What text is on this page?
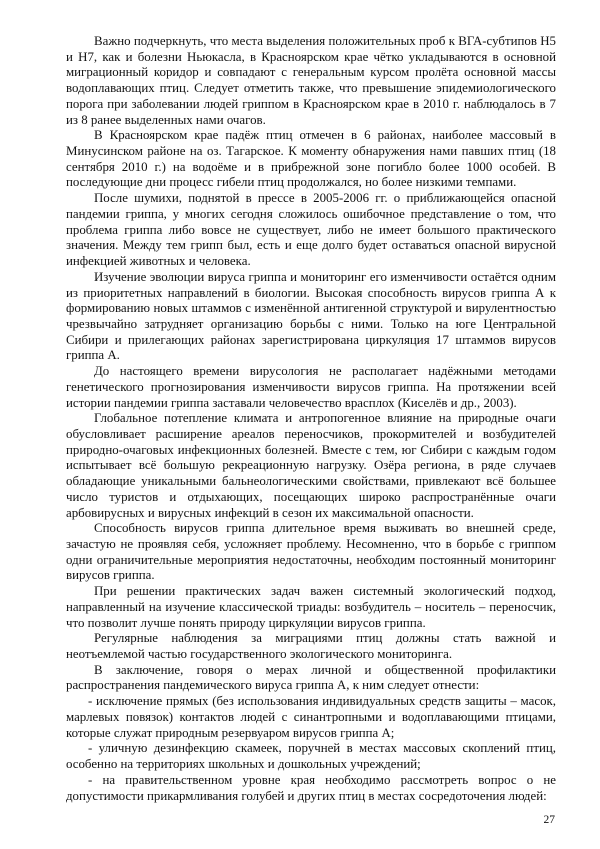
Важно подчеркнуть, что места выделения положительных проб к ВГА-субтипов Н5 и Н7, как и болезни Ньюкасла, в Красноярском крае чётко укладываются в основной миграционный коридор и совпадают с генеральным курсом пролёта основной массы водоплавающих птиц. Следует отметить также, что превышение эпидемиологического порога при заболевании людей гриппом в Красноярском крае в 2010 г. наблюдалось в 7 из 8 ранее выделенных нами очагов.

В Красноярском крае падёж птиц отмечен в 6 районах, наиболее массовый в Минусинском районе на оз. Тагарское. К моменту обнаружения нами павших птиц (18 сентября 2010 г.) на водоёме и в прибрежной зоне погибло более 1000 особей. В последующие дни процесс гибели птиц продолжался, но более низкими темпами.

После шумихи, поднятой в прессе в 2005-2006 гг. о приближающейся опасной пандемии гриппа, у многих сегодня сложилось ошибочное представление о том, что проблема гриппа либо вовсе не существует, либо не имеет большого практического значения. Между тем грипп был, есть и еще долго будет оставаться опасной вирусной инфекцией животных и человека.

Изучение эволюции вируса гриппа и мониторинг его изменчивости остаётся одним из приоритетных направлений в биологии. Высокая способность вирусов гриппа А к формированию новых штаммов с изменённой антигенной структурой и вирулентностью чрезвычайно затрудняет организацию борьбы с ними. Только на юге Центральной Сибири и прилегающих районах зарегистрирована циркуляция 17 штаммов вирусов гриппа А.

До настоящего времени вирусология не располагает надёжными методами генетического прогнозирования изменчивости вирусов гриппа. На протяжении всей истории пандемии гриппа заставали человечество врасплох (Киселёв и др., 2003).

Глобальное потепление климата и антропогенное влияние на природные очаги обусловливает расширение ареалов переносчиков, прокормителей и возбудителей природно-очаговых инфекционных болезней. Вместе с тем, юг Сибири с каждым годом испытывает всё большую рекреационную нагрузку. Озёра региона, в ряде случаев обладающие уникальными бальнеологическими свойствами, привлекают всё большее число туристов и отдыхающих, посещающих широко распространённые очаги арбовирусных и вирусных инфекций в сезон их максимальной опасности.

Способность вирусов гриппа длительное время выживать во внешней среде, зачастую не проявляя себя, усложняет проблему. Несомненно, что в борьбе с гриппом одни ограничительные мероприятия недостаточны, необходим постоянный мониторинг вирусов гриппа.

При решении практических задач важен системный экологический подход, направленный на изучение классической триады: возбудитель – носитель – переносчик, что позволит лучше понять природу циркуляции вирусов гриппа.

Регулярные наблюдения за миграциями птиц должны стать важной и неотъемлемой частью государственного экологического мониторинга.

В заключение, говоря о мерах личной и общественной профилактики распространения пандемического вируса гриппа А, к ним следует отнести:

- исключение прямых (без использования индивидуальных средств защиты – масок, марлевых повязок) контактов людей с синантропными и водоплавающими птицами, которые служат природным резервуаром вирусов гриппа А;

- уличную дезинфекцию скамеек, поручней в местах массовых скоплений птиц, особенно на территориях школьных и дошкольных учреждений;

- на правительственном уровне края необходимо рассмотреть вопрос о не допустимости прикармливания голубей и других птиц в местах сосредоточения людей:

27
